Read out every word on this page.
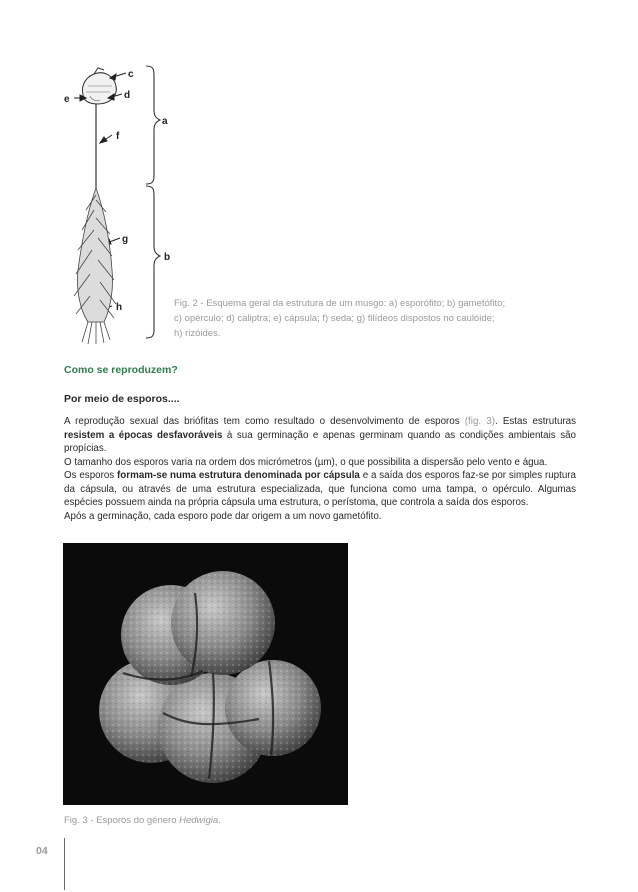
c
d
e
f
a
g
b
h	Fig. 2 - Esquema geral da estrutura de um musgo: a) esporófito; b) gametófito;
c) opérculo; d) caliptra; e) cápsula; f) seda; g) filídeos dispostos no caulóide;
h) rizóides.
Como se reproduzem?
Por meio de esporos....

A reprodução sexual das briófitas tem como resultado o desenvolvimento de esporos (fig. 3). Estas estruturas resistem a épocas desfavoráveis à sua germinação e apenas germinam quando as condições ambientais são propícias.

O tamanho dos esporos varia na ordem dos micrómetros (µm), o que possibilita a dispersão pelo vento e água.

Os esporos formam-se numa estrutura denominada por cápsula e a saída dos esporos faz-se por simples ruptura da cápsula, ou através de uma estrutura especializada, que funciona como uma tampa, o opérculo. Algumas espécies possuem ainda na própria cápsula uma estrutura, o perístoma, que controla a saída dos esporos.

Após a germinação, cada esporo pode dar origem a um novo gametófito.

Fig. 3 - Esporos do género Hedwigia.
04
